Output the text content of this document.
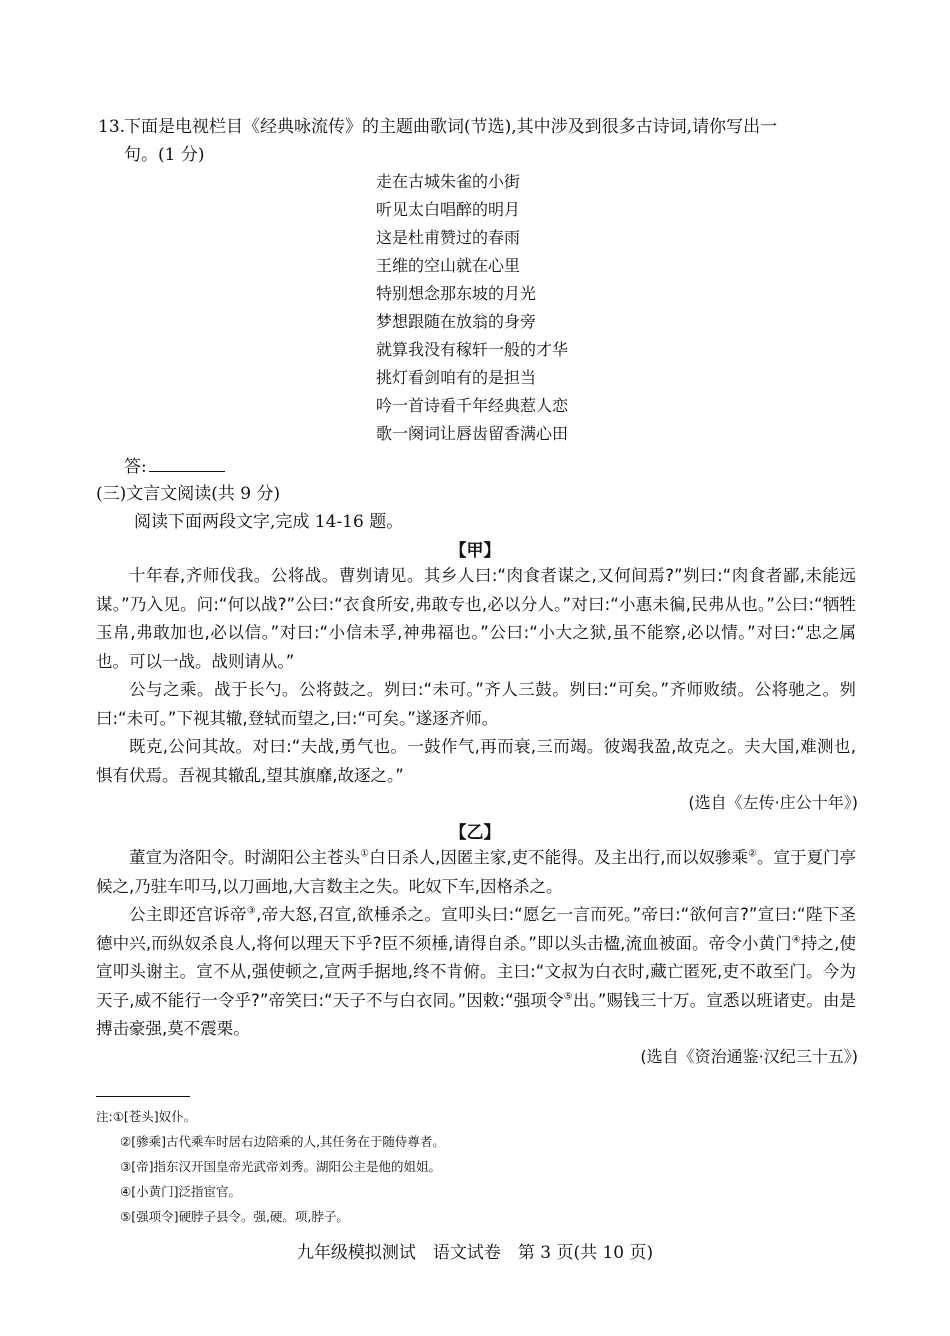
13.下面是电视栏目《经典咏流传》的主题曲歌词(节选),其中涉及到很多古诗词,请你写出一
句。(1 分)
走在古城朱雀的小街
听见太白唱醉的明月
这是杜甫赞过的春雨
王维的空山就在心里
特别想念那东坡的月光
梦想跟随在放翁的身旁
就算我没有稼轩一般的才华
挑灯看剑咱有的是担当
吟一首诗看千年经典惹人恋
歌一阕词让唇齿留香满心田
答:
(三)文言文阅读(共 9 分)
阅读下面两段文字,完成 14-16 题。
【甲】

十年春,齐师伐我。公将战。曹刿请见。其乡人曰:“肉食者谋之,又何间焉?”刿曰:“肉食者鄙,未能远谋。”乃入见。问:“何以战?”公曰:“衣食所安,弗敢专也,必以分人。”对曰:“小惠未徧,民弗从也。”公曰:“牺牲玉帛,弗敢加也,必以信。”对曰:“小信未孚,神弗福也。”公曰:“小大之狱,虽不能察,必以情。”对曰:“忠之属也。可以一战。战则请从。”

公与之乘。战于长勺。公将鼓之。刿曰:“未可。”齐人三鼓。刿曰:“可矣。”齐师败绩。公将驰之。刿曰:“未可。”下视其辙,登轼而望之,曰:“可矣。”遂逐齐师。

既克,公问其故。对曰:“夫战,勇气也。一鼓作气,再而衰,三而竭。彼竭我盈,故克之。夫大国,难测也,惧有伏焉。吾视其辙乱,望其旗靡,故逐之。”

(选自《左传·庄公十年》)
【乙】

董宣为洛阳令。时湖阳公主苍头①白日杀人,因匿主家,吏不能得。及主出行,而以奴骖乘②。宣于夏门亭候之,乃驻车叩马,以刀画地,大言数主之失。叱奴下车,因格杀之。

公主即还宫诉帝③,帝大怒,召宣,欲棰杀之。宣叩头曰:“愿乞一言而死。”帝曰:“欲何言?”宣曰:“陛下圣德中兴,而纵奴杀良人,将何以理天下乎?臣不须棰,请得自杀。”即以头击楹,流血被面。帝令小黄门④持之,使宣叩头谢主。宣不从,强使顿之,宣两手据地,终不肯俯。主曰:“文叔为白衣时,藏亡匿死,吏不敢至门。今为天子,威不能行一令乎?”帝笑曰:“天子不与白衣同。”因敕:“强项令⑤出。”赐钱三十万。宣悉以班诸吏。由是搏击豪强,莫不震栗。

(选自《资治通鉴·汉纪三十五》)
注:①[苍头]奴仆。
②[骖乘]古代乘车时居右边陪乘的人,其任务在于随侍尊者。
③[帝]指东汉开国皇帝光武帝刘秀。湖阳公主是他的姐姐。
④[小黄门]泛指宦官。
⑤[强项令]硬脖子县令。强,硬。项,脖子。
九年级模拟测试　语文试卷　第 3 页(共 10 页)
